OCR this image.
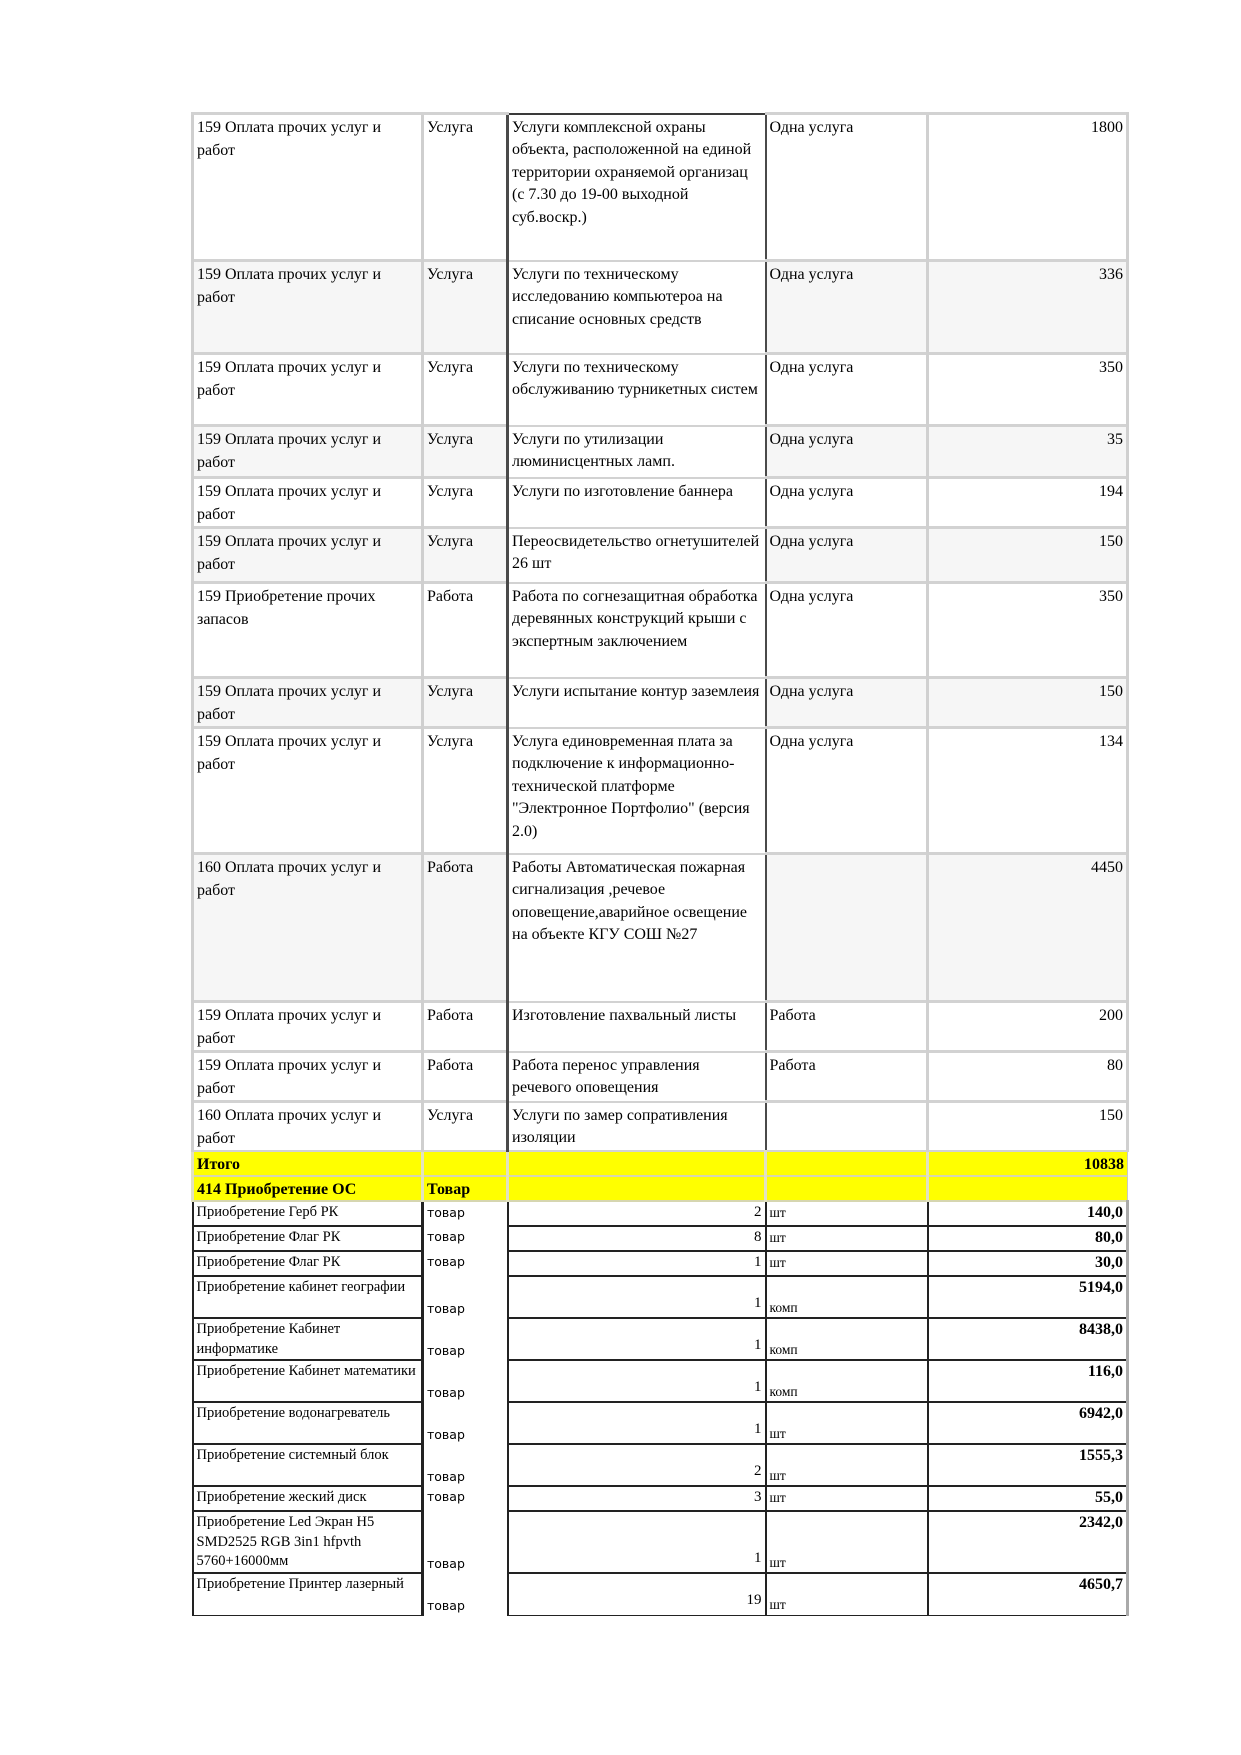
159 Оплата прочих услуг и работ	Услуга	Услуги комплексной охраны объекта, расположенной на единой территории охраняемой организац (с 7.30 до 19-00 выходной суб.воскр.)	Одна услуга	1800
159 Оплата прочих услуг и работ	Услуга	Услуги по техническому исследованию компьютероа на списание основных средств	Одна услуга	336
159 Оплата прочих услуг и работ	Услуга	Услуги по техническому обслуживанию турникетных систем	Одна услуга	350
159 Оплата прочих услуг и работ	Услуга	Услуги по утилизации люминисцентных ламп.	Одна услуга	35
159 Оплата прочих услуг и работ	Услуга	Услуги по изготовление баннера	Одна услуга	194
159 Оплата прочих услуг и работ	Услуга	Переосвидетельство огнетушителей 26 шт	Одна услуга	150
159 Приобретение прочих запасов	Работа	Работа по согнезащитная обработка деревянных конструкций крыши с экспертным заключением	Одна услуга	350
159 Оплата прочих услуг и работ	Услуга	Услуги испытание контур заземлеия	Одна услуга	150
159 Оплата прочих услуг и работ	Услуга	Услуга единовременная плата за подключение к информационно- технической платформе "Электронное Портфолио" (версия 2.0)	Одна услуга	134
160 Оплата прочих услуг и работ	Работа	Работы Автоматическая пожарная сигнализация ,речевое оповещение,аварийное освещение на объекте КГУ СОШ №27		4450
159 Оплата прочих услуг и работ	Работа	Изготовление пахвальный листы	Работа	200
159 Оплата прочих услуг и работ	Работа	Работа перенос управления речевого оповещения	Работа	80
160 Оплата прочих услуг и работ	Услуга	Услуги по замер сопративления изоляции		150
Итого				10838
414 Приобретение ОС	Товар			
Приобретение Герб РК	товар	2	шт	140,0
Приобретение Флаг РК	товар	8	шт	80,0
Приобретение Флаг РК	товар	1	шт	30,0
Приобретение кабинет географии	товар	1	комп	5194,0
Приобретение Кабинет информатике	товар	1	комп	8438,0
Приобретение Кабинет математики	товар	1	комп	116,0
Приобретение водонагреватель	товар	1	шт	6942,0
Приобретение системный блок	товар	2	шт	1555,3
Приобретение жеский диск	товар	3	шт	55,0
Приобретение Led Экран Н5 SMD2525 RGB 3in1 hfpvth 5760+16000мм	товар	1	шт	2342,0
Приобретение Принтер лазерный	товар	19	шт	4650,7
